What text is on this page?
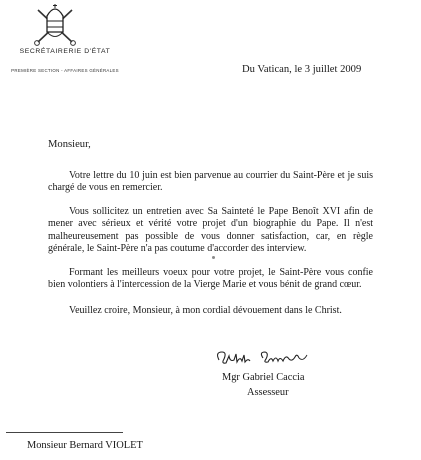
SECRÉTAIRERIE D'ÉTAT
PREMIÈRE SECTION - AFFAIRES GÉNÉRALES	Du Vatican, le 3 juillet 2009
Monsieur,
Votre lettre du 10 juin est bien parvenue au courrier du Saint-Père et je suis chargé de vous en remercier.
Vous sollicitez un entretien avec Sa Sainteté le Pape Benoît XVI afin de mener avec sérieux et vérité votre projet d'un biographie du Pape. Il n'est malheureusement pas possible de vous donner satisfaction, car, en règle générale, le Saint-Père n'a pas coutume d'accorder des interview.
Formant les meilleurs voeux pour votre projet, le Saint-Père vous confie bien volontiers à l'intercession de la Vierge Marie et vous bénit de grand cœur.
Veuillez croire, Monsieur, à mon cordial dévouement dans le Christ.
Mgr Gabriel Caccia
Assesseur
Monsieur Bernard VIOLET
